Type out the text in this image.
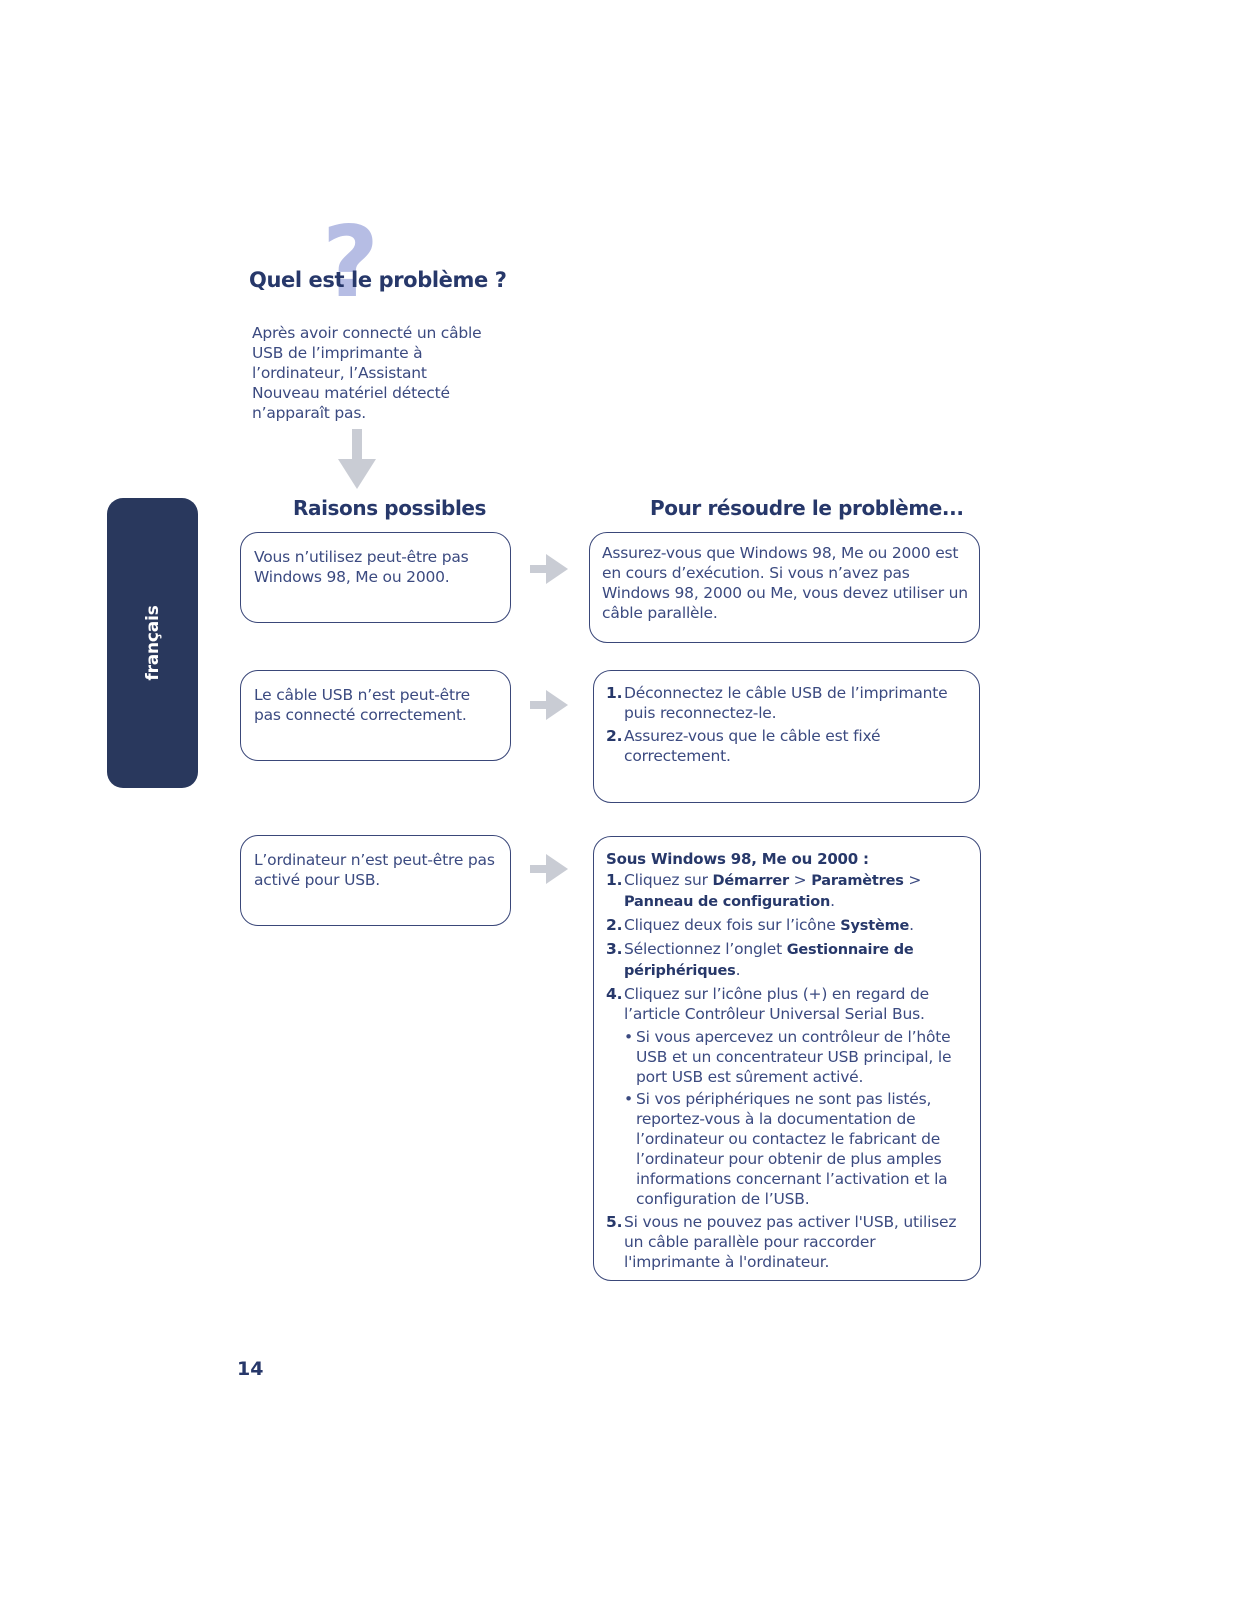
?
Quel est le problème ?
Après avoir connecté un câble USB de l’imprimante à l’ordinateur, l’Assistant Nouveau matériel détecté n’apparaît pas.
Raisons possibles	Pour résoudre le problème...
français
Vous n’utilisez peut-être pas Windows 98, Me ou 2000.
Assurez-vous que Windows 98, Me ou 2000 est en cours d’exécution. Si vous n’avez pas Windows 98, 2000 ou Me, vous devez utiliser un câble parallèle.
Le câble USB n’est peut-être pas connecté correctement.
1. Déconnectez le câble USB de l’imprimante puis reconnectez-le.
2. Assurez-vous que le câble est fixé correctement.
L’ordinateur n’est peut-être pas activé pour USB.
Sous Windows 98, Me ou 2000 :
1. Cliquez sur Démarrer > Paramètres > Panneau de configuration.
2. Cliquez deux fois sur l’icône Système.
3. Sélectionnez l’onglet Gestionnaire de périphériques.
4. Cliquez sur l’icône plus (+) en regard de l’article Contrôleur Universal Serial Bus.
• Si vous apercevez un contrôleur de l’hôte USB et un concentrateur USB principal, le port USB est sûrement activé.
• Si vos périphériques ne sont pas listés, reportez-vous à la documentation de l’ordinateur ou contactez le fabricant de l’ordinateur pour obtenir de plus amples informations concernant l’activation et la configuration de l’USB.
5. Si vous ne pouvez pas activer l'USB, utilisez un câble parallèle pour raccorder l'imprimante à l'ordinateur.
14
